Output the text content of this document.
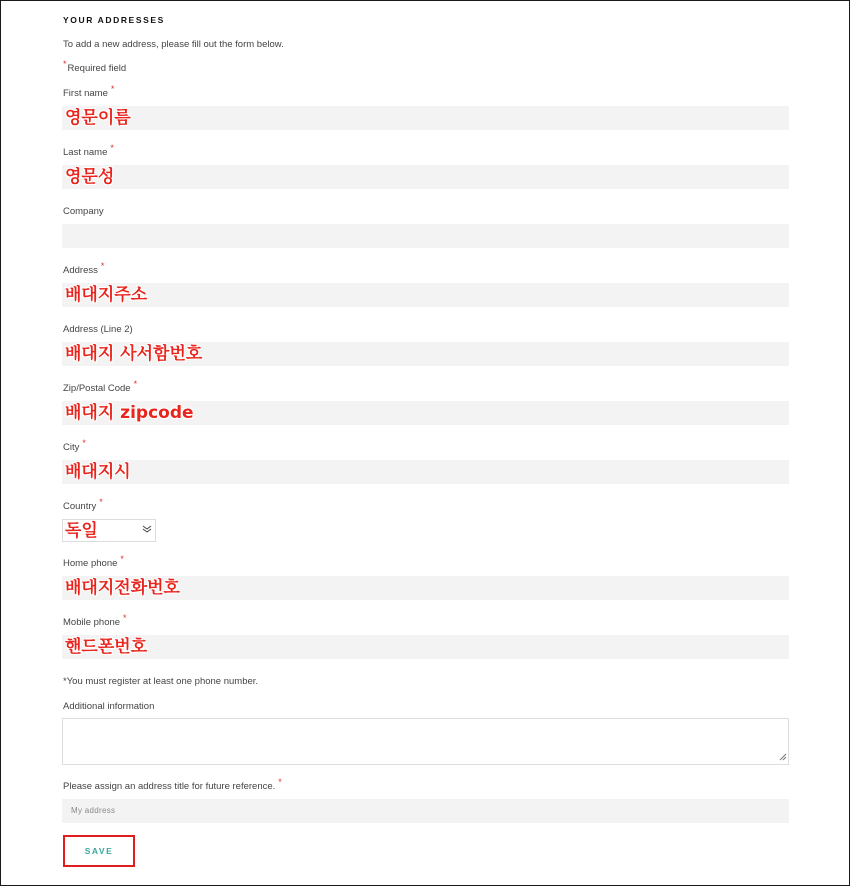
YOUR ADDRESSES
To add a new address, please fill out the form below.
*Required field
First name *
영문이름
Last name *
영문성
Company
Address *
배대지주소
Address (Line 2)
배대지 사서함번호
Zip/Postal Code *
배대지 zipcode
City *
배대지시
Country *
독일
Home phone *
배대지전화번호
Mobile phone *
핸드폰번호
*You must register at least one phone number.
Additional information
Please assign an address title for future reference. *
My address
SAVE
